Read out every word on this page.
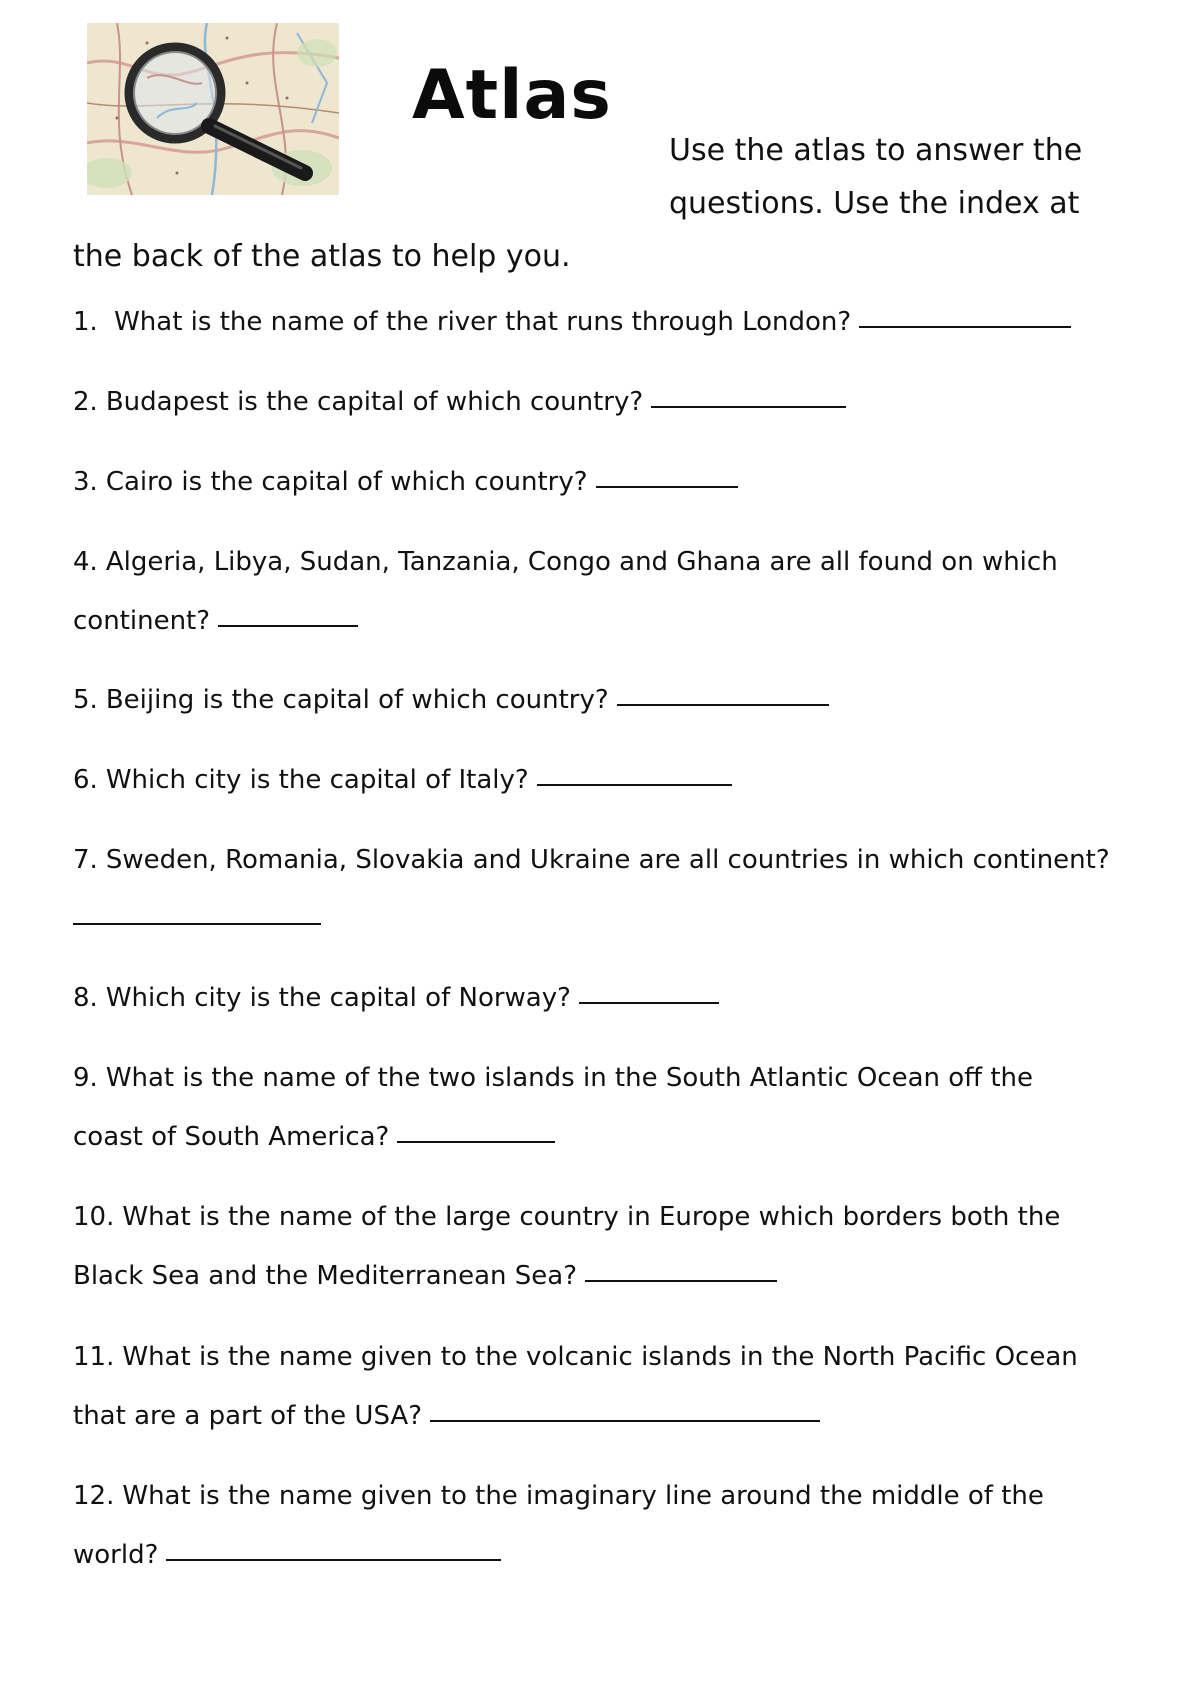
Atlas
Use the atlas to answer the
questions. Use the index at
the back of the atlas to help you.
1. What is the name of the river that runs through London?
2. Budapest is the capital of which country?
3. Cairo is the capital of which country?
4. Algeria, Libya, Sudan, Tanzania, Congo and Ghana are all found on which
continent?
5. Beijing is the capital of which country?
6. Which city is the capital of Italy?
7. Sweden, Romania, Slovakia and Ukraine are all countries in which continent?
8. Which city is the capital of Norway?
9. What is the name of the two islands in the South Atlantic Ocean off the
coast of South America?
10. What is the name of the large country in Europe which borders both the
Black Sea and the Mediterranean Sea?
11. What is the name given to the volcanic islands in the North Pacific Ocean
that are a part of the USA?
12. What is the name given to the imaginary line around the middle of the
world?
